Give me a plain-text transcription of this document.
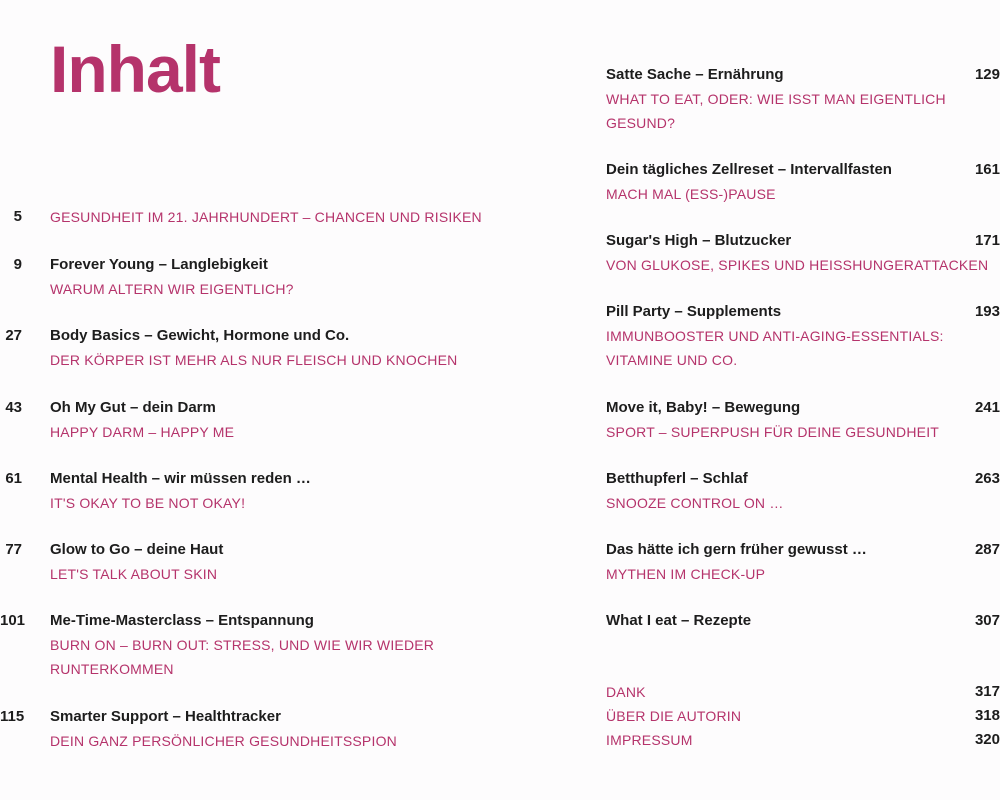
Inhalt
5 GESUNDHEIT IM 21. JAHRHUNDERT – CHANCEN UND RISIKEN
9 Forever Young – Langlebigkeit
WARUM ALTERN WIR EIGENTLICH?
27 Body Basics – Gewicht, Hormone und Co.
DER KÖRPER IST MEHR ALS NUR FLEISCH UND KNOCHEN
43 Oh My Gut – dein Darm
HAPPY DARM – HAPPY ME
61 Mental Health – wir müssen reden …
IT'S OKAY TO BE NOT OKAY!
77 Glow to Go – deine Haut
LET'S TALK ABOUT SKIN
101 Me-Time-Masterclass – Entspannung
BURN ON – BURN OUT: STRESS, UND WIE WIR WIEDER
RUNTERKOMMEN
115 Smarter Support – Healthtracker
DEIN GANZ PERSÖNLICHER GESUNDHEITSSPION
Satte Sache – Ernährung	129
WHAT TO EAT, ODER: WIE ISST MAN EIGENTLICH
GESUND?
Dein tägliches Zellreset – Intervallfasten	161
MACH MAL (ESS-)PAUSE
Sugar's High – Blutzucker	171
VON GLUKOSE, SPIKES UND HEISSHUNGERATTACKEN
Pill Party – Supplements	193
IMMUNBOOSTER UND ANTI-AGING-ESSENTIALS:
VITAMINE UND CO.
Move it, Baby! – Bewegung	241
SPORT – SUPERPUSH FÜR DEINE GESUNDHEIT
Betthupferl – Schlaf	263
SNOOZE CONTROL ON …
Das hätte ich gern früher gewusst …	287
MYTHEN IM CHECK-UP
What I eat – Rezepte	307
DANK	317
ÜBER DIE AUTORIN	318
IMPRESSUM	320
